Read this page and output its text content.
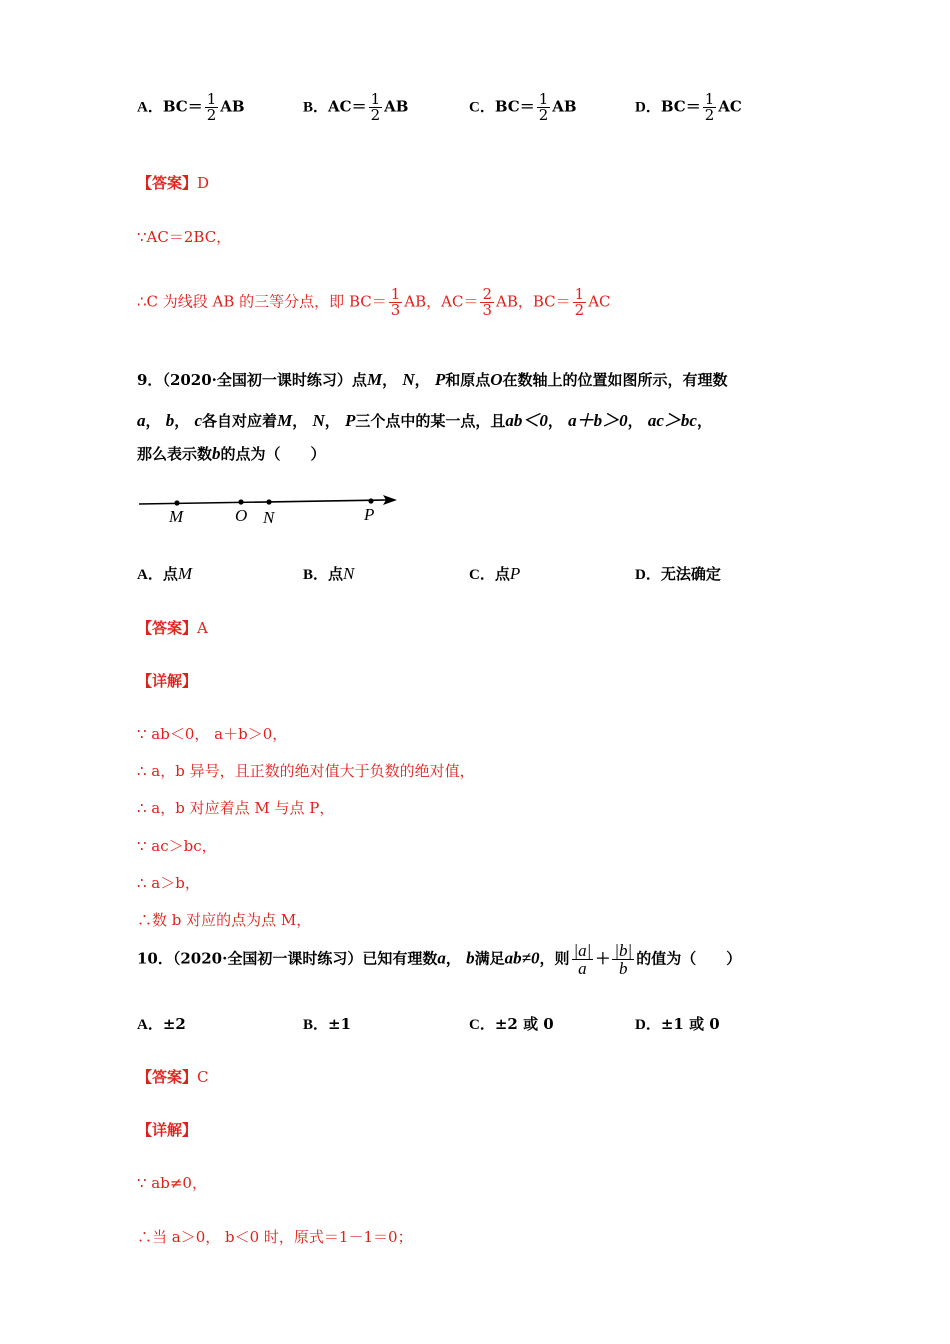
A．$BC= \frac{1}{2}$ AB	B．$AC= \frac{1}{2}$ AB	C．$BC= \frac{1}{2}$ AB	D．$BC= \frac{1}{2}$ AC
【答案】D
∵AC＝2BC，
∴C 为线段 AB 的三等分点，即 $BC= \frac{1}{3}$ AB，$AC= \frac{2}{3}$ AB，$BC= \frac{1}{2}$ AC
9．（2020·全国初一课时练习）点M， N， P和原点O在数轴上的位置如图所示，有理数
a， b， c各自对应着M， N， P三个点中的某一点，且ab＜0， a＋b＞0， ac＞bc，
那么表示数b的点为（　　）
M	O N	P
A．点M	B．点N	C．点P	D．无法确定
【答案】A
【详解】
∵ ab＜0， a＋b＞0，
∴ a，b 异号，且正数的绝对值大于负数的绝对值，
∴ a，b 对应着点 M 与点 P，
∵ ac＞bc，
∴ a＞b，
∴数 b 对应的点为点 M，
10．（2020·全国初一课时练习）已知有理数a， b满足ab≠0，则 $\frac{|a|}{a} + \frac{|b|}{b}$ 的值为（　　）
A．±2	B．±1	C．±2 或 0	D．±1 或 0
【答案】C
【详解】
∵ ab≠0，
∴当 a＞0， b＜0 时，原式＝1－1＝0；
